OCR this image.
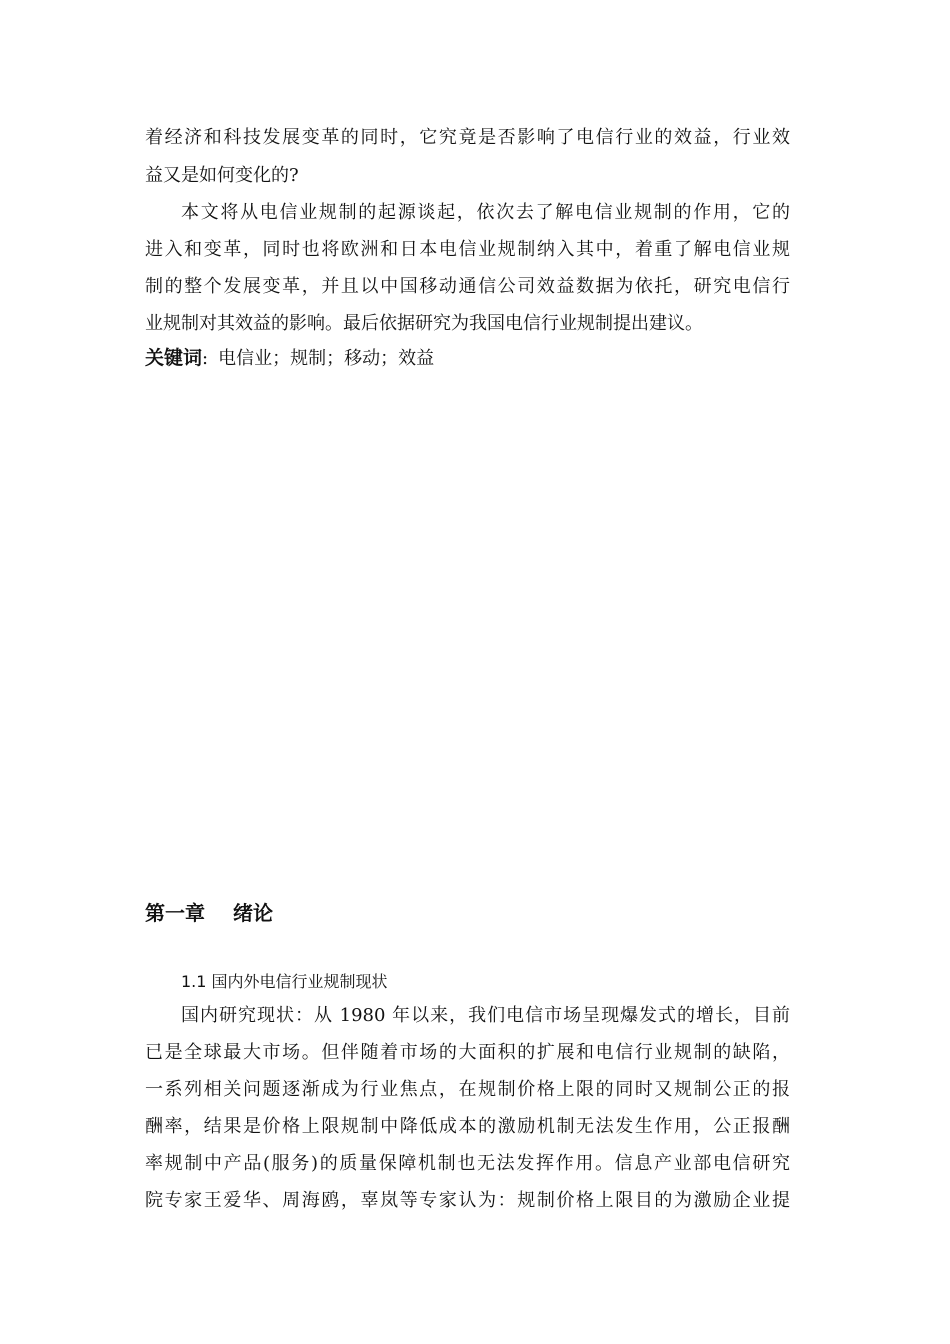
着经济和科技发展变革的同时，它究竟是否影响了电信行业的效益，行业效
益又是如何变化的?
本文将从电信业规制的起源谈起，依次去了解电信业规制的作用，它的
进入和变革，同时也将欧洲和日本电信业规制纳入其中，着重了解电信业规
制的整个发展变革，并且以中国移动通信公司效益数据为依托，研究电信行
业规制对其效益的影响。最后依据研究为我国电信行业规制提出建议。
关键词: 电信业；规制；移动；效益
第一章 绪论
1.1 国内外电信行业规制现状
国内研究现状：从 1980 年以来，我们电信市场呈现爆发式的增长，目前
已是全球最大市场。但伴随着市场的大面积的扩展和电信行业规制的缺陷，
一系列相关问题逐渐成为行业焦点，在规制价格上限的同时又规制公正的报
酬率，结果是价格上限规制中降低成本的激励机制无法发生作用，公正报酬
率规制中产品(服务)的质量保障机制也无法发挥作用。信息产业部电信研究
院专家王爱华、周海鸥，辜岚等专家认为：规制价格上限目的为激励企业提
